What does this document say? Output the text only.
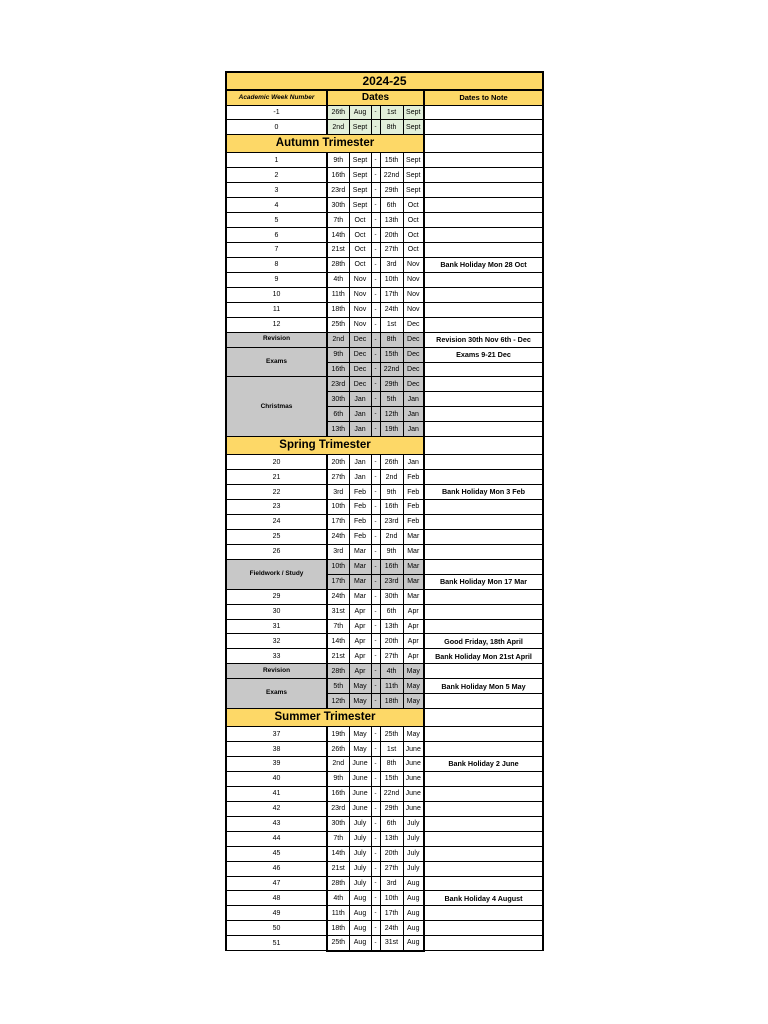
2024-25						
Academic Week Number	Dates					Dates to Note
-1	26th	Aug	-	1st	Sept	
0	2nd	Sept	-	8th	Sept	
Autumn Trimester						
1	9th	Sept	-	15th	Sept	
2	16th	Sept	-	22nd	Sept	
3	23rd	Sept	-	29th	Sept	
4	30th	Sept	-	6th	Oct	
5	7th	Oct	-	13th	Oct	
6	14th	Oct	-	20th	Oct	
7	21st	Oct	-	27th	Oct	
8	28th	Oct	-	3rd	Nov	Bank Holiday Mon 28 Oct
9	4th	Nov	-	10th	Nov	
10	11th	Nov	-	17th	Nov	
11	18th	Nov	-	24th	Nov	
12	25th	Nov	-	1st	Dec	
Revision	2nd	Dec	-	8th	Dec	Revision 30th Nov 6th - Dec
Exams	9th	Dec	-	15th	Dec	Exams 9-21 Dec
	16th	Dec	-	22nd	Dec	
Christmas	23rd	Dec	-	29th	Dec	
	30th	Jan	-	5th	Jan	
	6th	Jan	-	12th	Jan	
	13th	Jan	-	19th	Jan	
Spring Trimester						
20	20th	Jan	-	26th	Jan	
21	27th	Jan	-	2nd	Feb	
22	3rd	Feb	-	9th	Feb	Bank Holiday Mon 3 Feb
23	10th	Feb	-	16th	Feb	
24	17th	Feb	-	23rd	Feb	
25	24th	Feb	-	2nd	Mar	
26	3rd	Mar	-	9th	Mar	
Fieldwork / Study	10th	Mar	-	16th	Mar	
	17th	Mar	-	23rd	Mar	Bank Holiday Mon 17 Mar
29	24th	Mar	-	30th	Mar	
30	31st	Apr	-	6th	Apr	
31	7th	Apr	-	13th	Apr	
32	14th	Apr	-	20th	Apr	Good Friday, 18th April
33	21st	Apr	-	27th	Apr	Bank Holiday Mon 21st April
Revision	28th	Apr	-	4th	May	
Exams	5th	May	-	11th	May	Bank Holiday Mon 5 May
	12th	May	-	18th	May	
Summer Trimester						
37	19th	May	-	25th	May	
38	26th	May	-	1st	June	
39	2nd	June	-	8th	June	Bank Holiday 2 June
40	9th	June	-	15th	June	
41	16th	June	-	22nd	June	
42	23rd	June	-	29th	June	
43	30th	July	-	6th	July	
44	7th	July	-	13th	July	
45	14th	July	-	20th	July	
46	21st	July	-	27th	July	
47	28th	July	-	3rd	Aug	
48	4th	Aug	-	10th	Aug	Bank Holiday 4 August
49	11th	Aug	-	17th	Aug	
50	18th	Aug	-	24th	Aug	
51	25th	Aug	-	31st	Aug	
